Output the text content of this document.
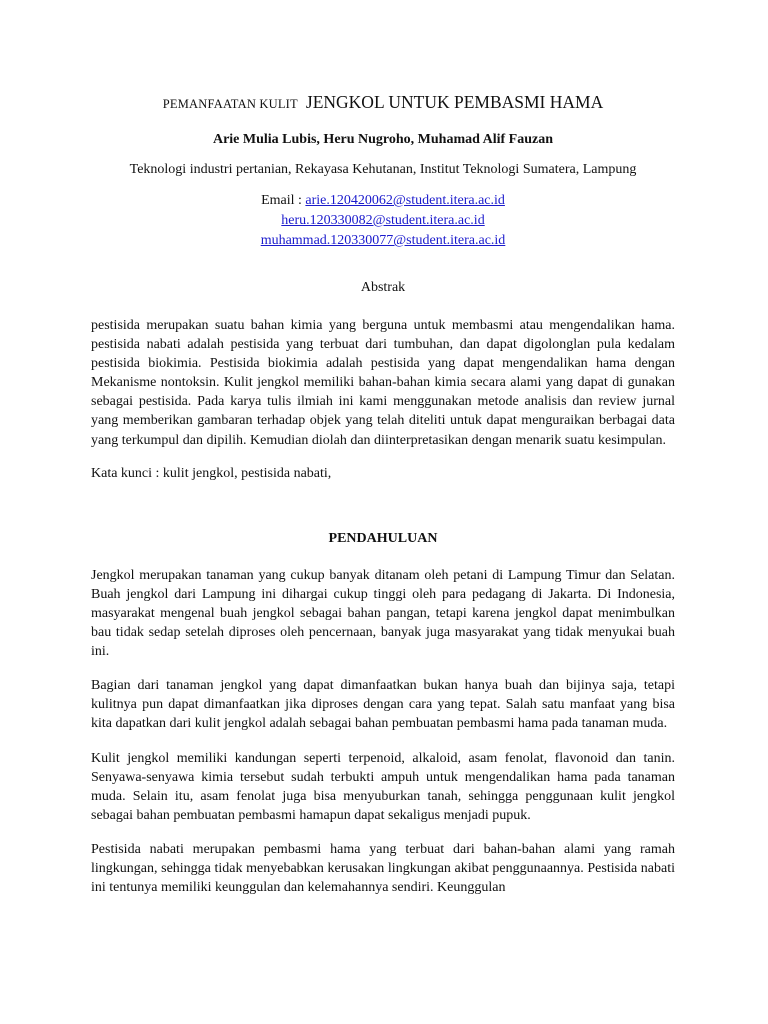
PEMANFAATAN KULIT JENGKOL UNTUK PEMBASMI HAMA
Arie Mulia Lubis, Heru Nugroho, Muhamad Alif Fauzan
Teknologi industri pertanian, Rekayasa Kehutanan, Institut Teknologi Sumatera, Lampung
Email : arie.120420062@student.itera.ac.id
heru.120330082@student.itera.ac.id
muhammad.120330077@student.itera.ac.id
Abstrak

pestisida merupakan suatu bahan kimia yang berguna untuk membasmi atau mengendalikan hama. pestisida nabati adalah pestisida yang terbuat dari tumbuhan, dan dapat digolonglan pula kedalam pestisida biokimia. Pestisida biokimia adalah pestisida yang dapat mengendalikan hama dengan Mekanisme nontoksin. Kulit jengkol memiliki bahan-bahan kimia secara alami yang dapat di gunakan sebagai pestisida. Pada karya tulis ilmiah ini kami menggunakan metode analisis dan review jurnal yang memberikan gambaran terhadap objek yang telah diteliti untuk dapat menguraikan berbagai data yang terkumpul dan dipilih. Kemudian diolah dan diinterpretasikan dengan menarik suatu kesimpulan.

Kata kunci : kulit jengkol, pestisida nabati,

PENDAHULUAN

Jengkol merupakan tanaman yang cukup banyak ditanam oleh petani di Lampung Timur dan Selatan. Buah jengkol dari Lampung ini dihargai cukup tinggi oleh para pedagang di Jakarta. Di Indonesia, masyarakat mengenal buah jengkol sebagai bahan pangan, tetapi karena jengkol dapat menimbulkan bau tidak sedap setelah diproses oleh pencernaan, banyak juga masyarakat yang tidak menyukai buah ini.

Bagian dari tanaman jengkol yang dapat dimanfaatkan bukan hanya buah dan bijinya saja, tetapi kulitnya pun dapat dimanfaatkan jika diproses dengan cara yang tepat. Salah satu manfaat yang bisa kita dapatkan dari kulit jengkol adalah sebagai bahan pembuatan pembasmi hama pada tanaman muda.

Kulit jengkol memiliki kandungan seperti terpenoid, alkaloid, asam fenolat, flavonoid dan tanin. Senyawa-senyawa kimia tersebut sudah terbukti ampuh untuk mengendalikan hama pada tanaman muda. Selain itu, asam fenolat juga bisa menyuburkan tanah, sehingga penggunaan kulit jengkol sebagai bahan pembuatan pembasmi hamapun dapat sekaligus menjadi pupuk.

Pestisida nabati merupakan pembasmi hama yang terbuat dari bahan-bahan alami yang ramah lingkungan, sehingga tidak menyebabkan kerusakan lingkungan akibat penggunaannya. Pestisida nabati ini tentunya memiliki keunggulan dan kelemahannya sendiri. Keunggulan
